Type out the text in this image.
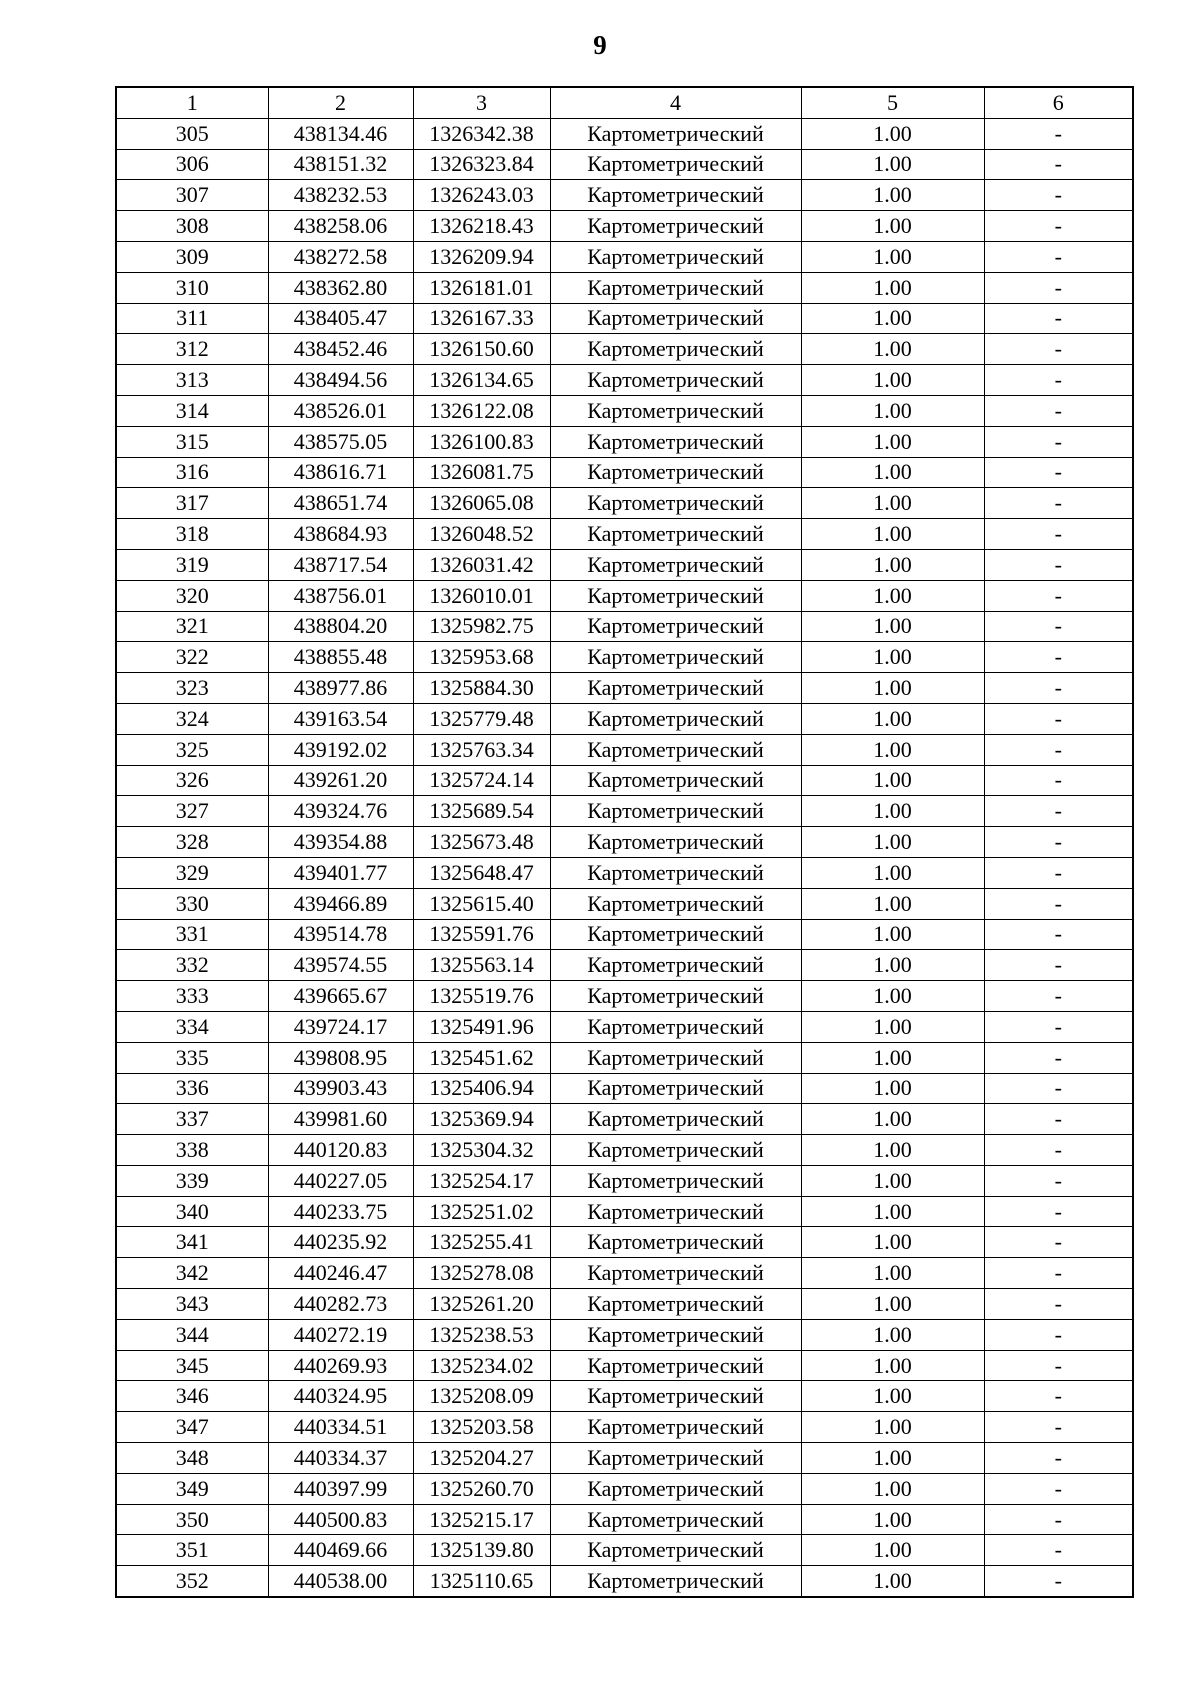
9
1	2	3	4	5	6
305	438134.46	1326342.38	Картометрический	1.00	-
306	438151.32	1326323.84	Картометрический	1.00	-
307	438232.53	1326243.03	Картометрический	1.00	-
308	438258.06	1326218.43	Картометрический	1.00	-
309	438272.58	1326209.94	Картометрический	1.00	-
310	438362.80	1326181.01	Картометрический	1.00	-
311	438405.47	1326167.33	Картометрический	1.00	-
312	438452.46	1326150.60	Картометрический	1.00	-
313	438494.56	1326134.65	Картометрический	1.00	-
314	438526.01	1326122.08	Картометрический	1.00	-
315	438575.05	1326100.83	Картометрический	1.00	-
316	438616.71	1326081.75	Картометрический	1.00	-
317	438651.74	1326065.08	Картометрический	1.00	-
318	438684.93	1326048.52	Картометрический	1.00	-
319	438717.54	1326031.42	Картометрический	1.00	-
320	438756.01	1326010.01	Картометрический	1.00	-
321	438804.20	1325982.75	Картометрический	1.00	-
322	438855.48	1325953.68	Картометрический	1.00	-
323	438977.86	1325884.30	Картометрический	1.00	-
324	439163.54	1325779.48	Картометрический	1.00	-
325	439192.02	1325763.34	Картометрический	1.00	-
326	439261.20	1325724.14	Картометрический	1.00	-
327	439324.76	1325689.54	Картометрический	1.00	-
328	439354.88	1325673.48	Картометрический	1.00	-
329	439401.77	1325648.47	Картометрический	1.00	-
330	439466.89	1325615.40	Картометрический	1.00	-
331	439514.78	1325591.76	Картометрический	1.00	-
332	439574.55	1325563.14	Картометрический	1.00	-
333	439665.67	1325519.76	Картометрический	1.00	-
334	439724.17	1325491.96	Картометрический	1.00	-
335	439808.95	1325451.62	Картометрический	1.00	-
336	439903.43	1325406.94	Картометрический	1.00	-
337	439981.60	1325369.94	Картометрический	1.00	-
338	440120.83	1325304.32	Картометрический	1.00	-
339	440227.05	1325254.17	Картометрический	1.00	-
340	440233.75	1325251.02	Картометрический	1.00	-
341	440235.92	1325255.41	Картометрический	1.00	-
342	440246.47	1325278.08	Картометрический	1.00	-
343	440282.73	1325261.20	Картометрический	1.00	-
344	440272.19	1325238.53	Картометрический	1.00	-
345	440269.93	1325234.02	Картометрический	1.00	-
346	440324.95	1325208.09	Картометрический	1.00	-
347	440334.51	1325203.58	Картометрический	1.00	-
348	440334.37	1325204.27	Картометрический	1.00	-
349	440397.99	1325260.70	Картометрический	1.00	-
350	440500.83	1325215.17	Картометрический	1.00	-
351	440469.66	1325139.80	Картометрический	1.00	-
352	440538.00	1325110.65	Картометрический	1.00	-
